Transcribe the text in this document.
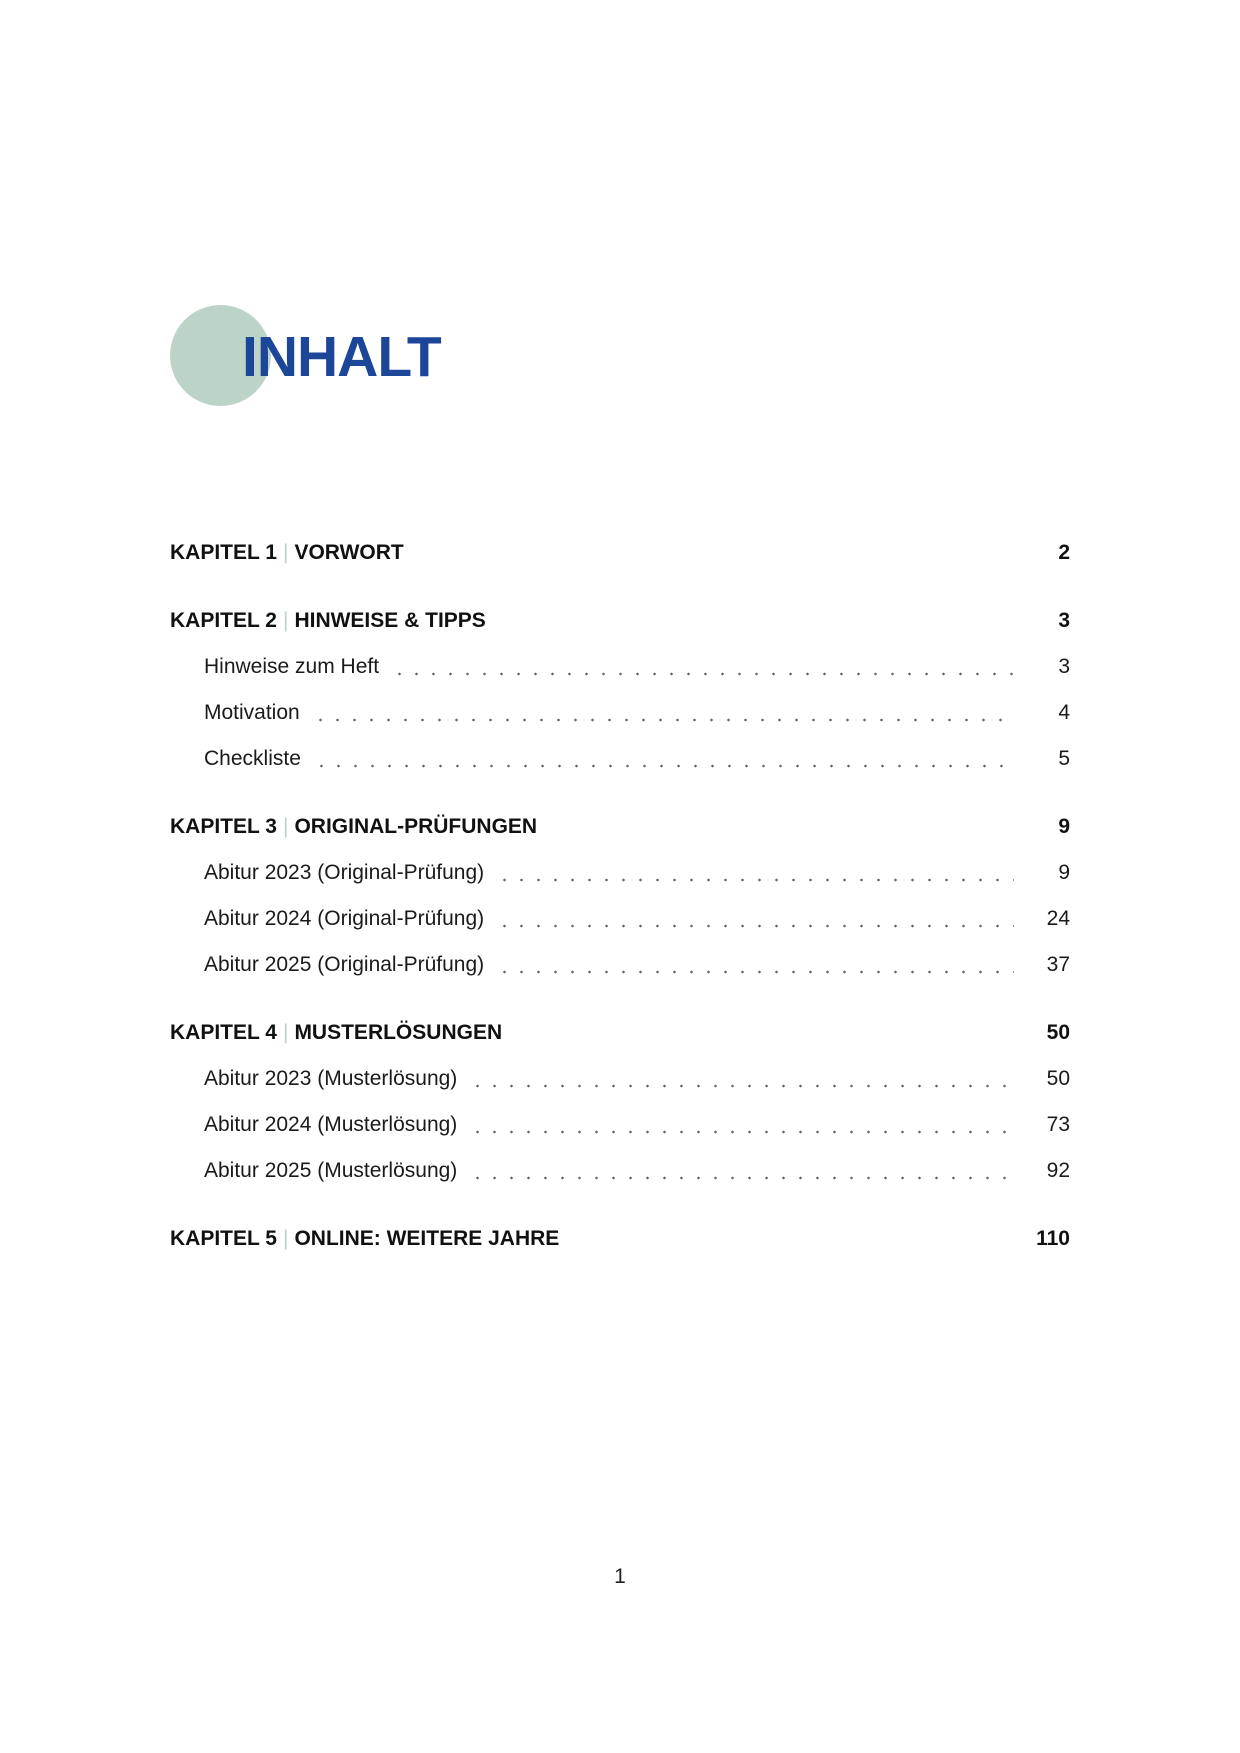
INHALT
KAPITEL 1 | VORWORT	2
KAPITEL 2 | HINWEISE & TIPPS	3
Hinweise zum Heft	3
Motivation	4
Checkliste	5
KAPITEL 3 | ORIGINAL-PRÜFUNGEN	9
Abitur 2023 (Original-Prüfung)	9
Abitur 2024 (Original-Prüfung)	24
Abitur 2025 (Original-Prüfung)	37
KAPITEL 4 | MUSTERLÖSUNGEN	50
Abitur 2023 (Musterlösung)	50
Abitur 2024 (Musterlösung)	73
Abitur 2025 (Musterlösung)	92
KAPITEL 5 | ONLINE: WEITERE JAHRE	110
1
